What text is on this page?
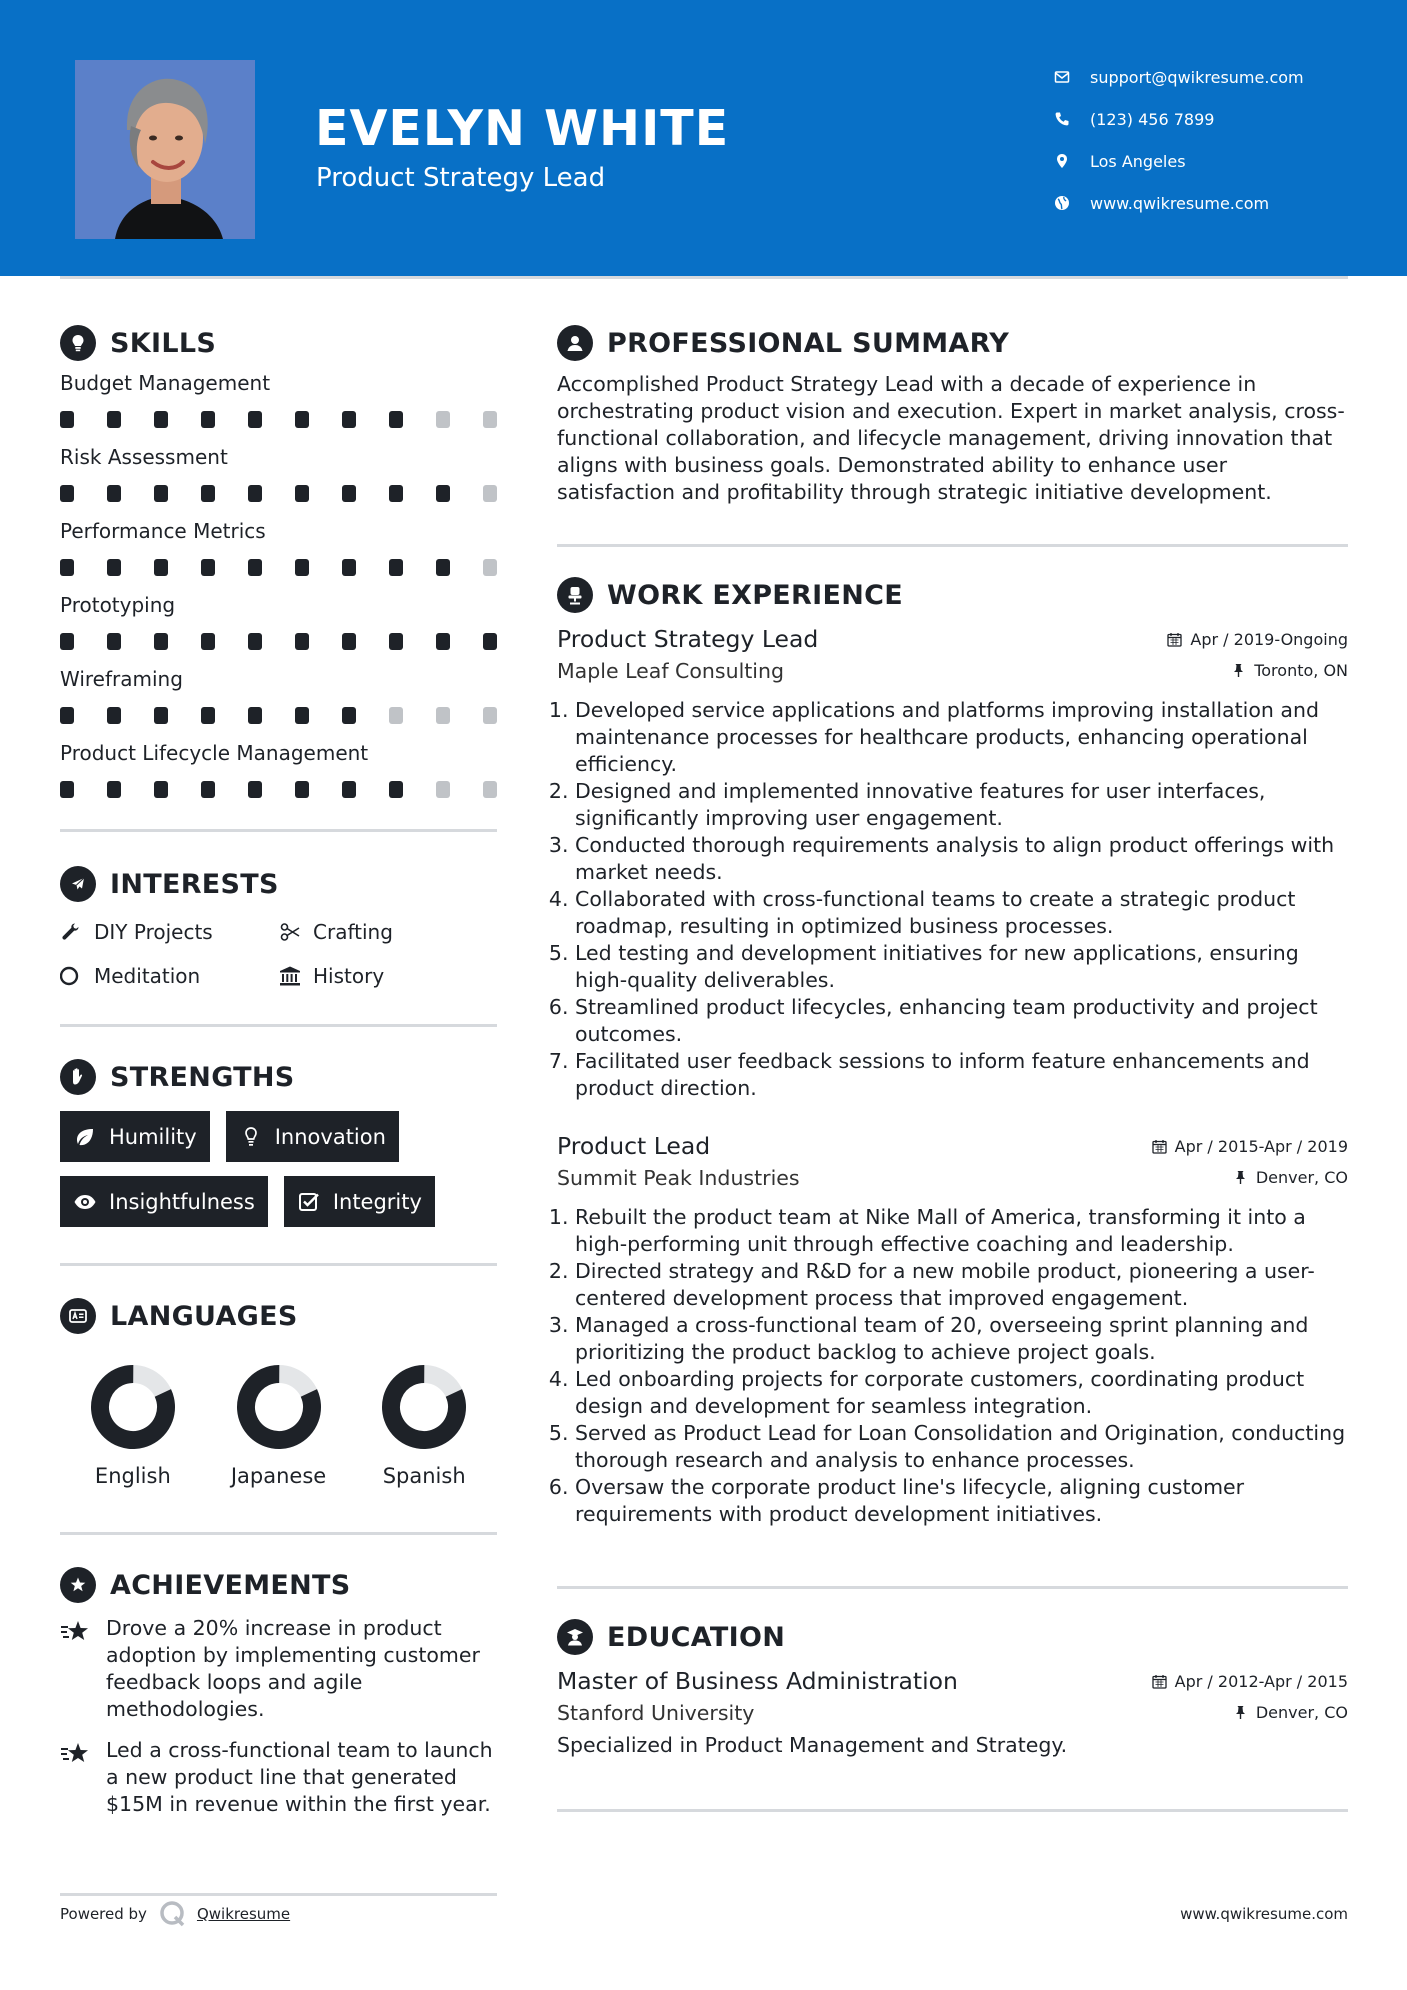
EVELYN WHITE
Product Strategy Lead
support@qwikresume.com
(123) 456 7899
Los Angeles
www.qwikresume.com
SKILLS
Budget Management
Risk Assessment
Performance Metrics
Prototyping
Wireframing
Product Lifecycle Management
INTERESTS
DIY Projects	Crafting
Meditation	History
STRENGTHS
Humility	Innovation
Insightfulness	Integrity
LANGUAGES
English	Japanese	Spanish
ACHIEVEMENTS
Drove a 20% increase in product adoption by implementing customer feedback loops and agile methodologies.
Led a cross-functional team to launch a new product line that generated $15M in revenue within the first year.
PROFESSIONAL SUMMARY
Accomplished Product Strategy Lead with a decade of experience in orchestrating product vision and execution. Expert in market analysis, cross-functional collaboration, and lifecycle management, driving innovation that aligns with business goals. Demonstrated ability to enhance user satisfaction and profitability through strategic initiative development.
WORK EXPERIENCE
Product Strategy Lead	Apr / 2019-Ongoing
Maple Leaf Consulting	Toronto, ON
1. Developed service applications and platforms improving installation and maintenance processes for healthcare products, enhancing operational efficiency.
2. Designed and implemented innovative features for user interfaces, significantly improving user engagement.
3. Conducted thorough requirements analysis to align product offerings with market needs.
4. Collaborated with cross-functional teams to create a strategic product roadmap, resulting in optimized business processes.
5. Led testing and development initiatives for new applications, ensuring high-quality deliverables.
6. Streamlined product lifecycles, enhancing team productivity and project outcomes.
7. Facilitated user feedback sessions to inform feature enhancements and product direction.
Product Lead	Apr / 2015-Apr / 2019
Summit Peak Industries	Denver, CO
1. Rebuilt the product team at Nike Mall of America, transforming it into a high-performing unit through effective coaching and leadership.
2. Directed strategy and R&D for a new mobile product, pioneering a user-centered development process that improved engagement.
3. Managed a cross-functional team of 20, overseeing sprint planning and prioritizing the product backlog to achieve project goals.
4. Led onboarding projects for corporate customers, coordinating product design and development for seamless integration.
5. Served as Product Lead for Loan Consolidation and Origination, conducting thorough research and analysis to enhance processes.
6. Oversaw the corporate product line's lifecycle, aligning customer requirements with product development initiatives.
EDUCATION
Master of Business Administration	Apr / 2012-Apr / 2015
Stanford University	Denver, CO
Specialized in Product Management and Strategy.
Powered by	Qwikresume	www.qwikresume.com
